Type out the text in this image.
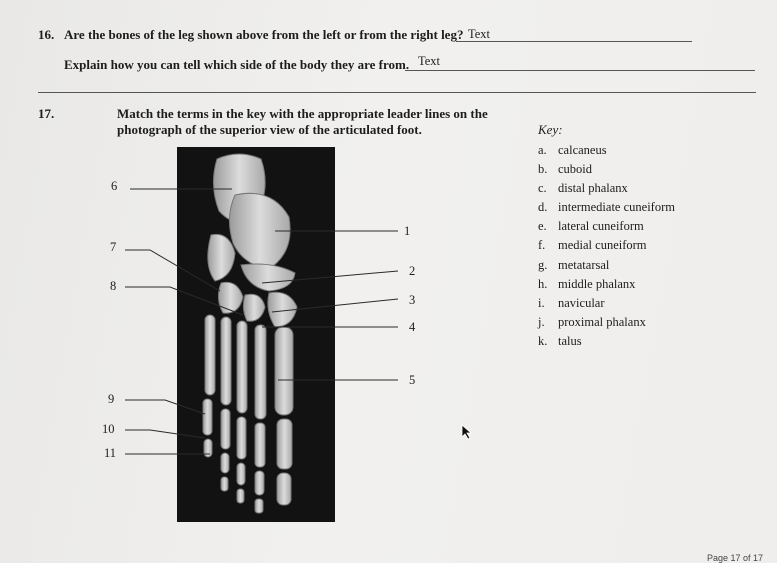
16. Are the bones of the leg shown above from the left or from the right leg? Text
Explain how you can tell which side of the body they are from. Text
17.	Match the terms in the key with the appropriate leader lines on the
photograph of the superior view of the articulated foot.	Key:
a. calcaneus
b. cuboid
c. distal phalanx
d. intermediate cuneiform
e. lateral cuneiform
f. medial cuneiform
g. metatarsal
h. middle phalanx
i. navicular
j. proximal phalanx
k. talus
1
2
3
4
5
6
7
8
9
10
11
Page 17 of 17
